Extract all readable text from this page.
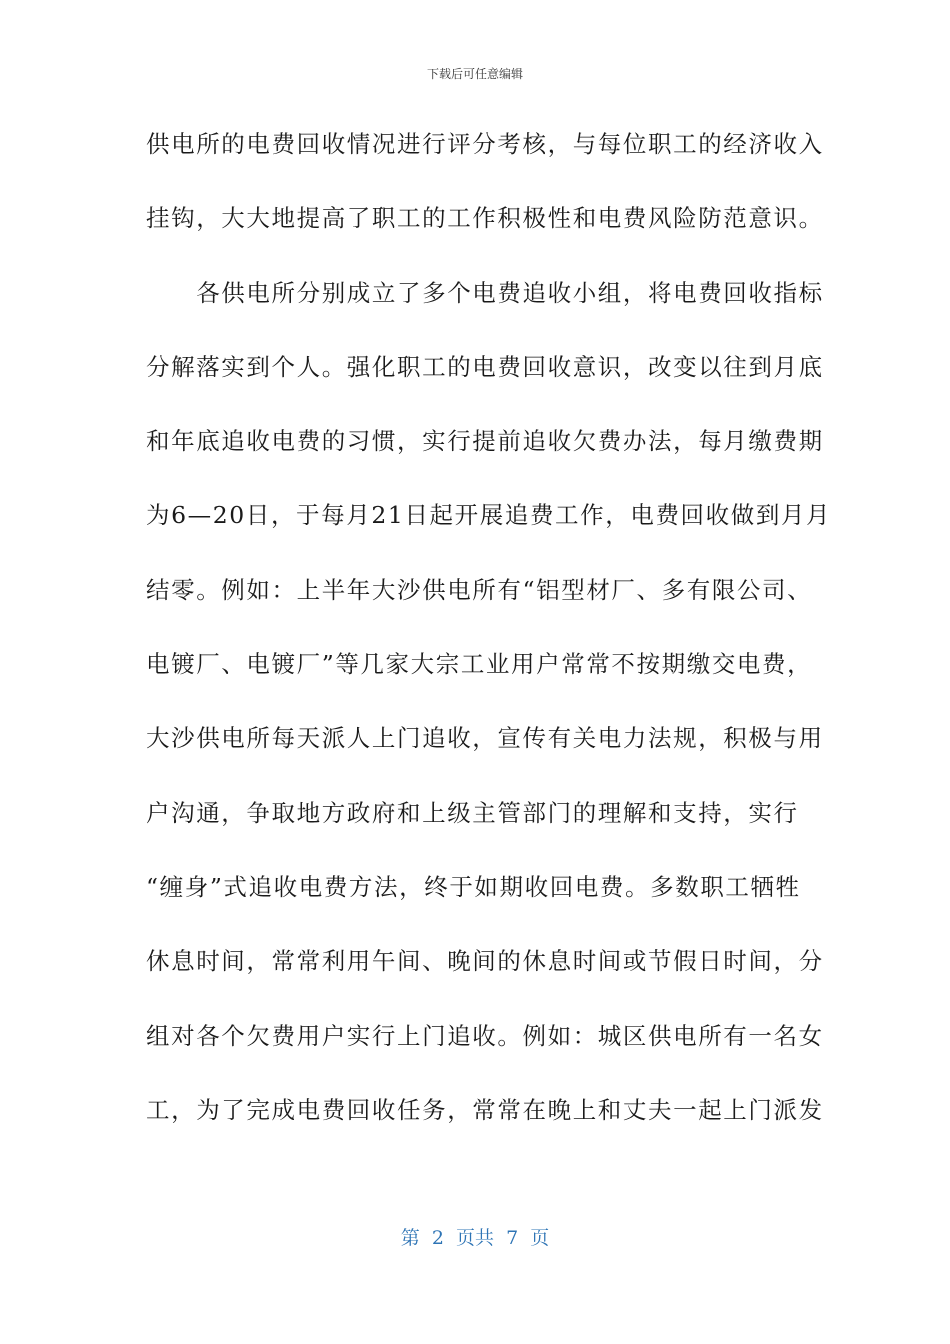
下载后可任意编辑
供电所的电费回收情况进行评分考核，与每位职工的经济收入
挂钩，大大地提高了职工的工作积极性和电费风险防范意识。
　　各供电所分别成立了多个电费追收小组，将电费回收指标
分解落实到个人。强化职工的电费回收意识，改变以往到月底
和年底追收电费的习惯，实行提前追收欠费办法，每月缴费期
为6—20日，于每月21日起开展追费工作，电费回收做到月月
结零。例如：上半年大沙供电所有“铝型材厂、多有限公司、
电镀厂、电镀厂”等几家大宗工业用户常常不按期缴交电费，
大沙供电所每天派人上门追收，宣传有关电力法规，积极与用
户沟通，争取地方政府和上级主管部门的理解和支持，实行
“缠身”式追收电费方法，终于如期收回电费。多数职工牺牲
休息时间，常常利用午间、晚间的休息时间或节假日时间，分
组对各个欠费用户实行上门追收。例如：城区供电所有一名女
工，为了完成电费回收任务，常常在晚上和丈夫一起上门派发
第  2  页共  7  页
